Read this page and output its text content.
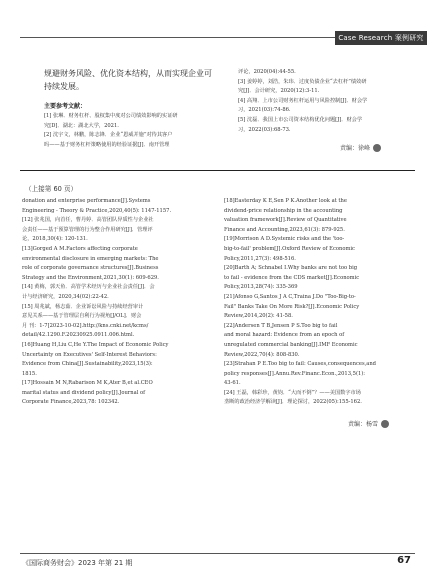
Case Research 案例研究

规避财务风险、优化资本结构，从而实现企业可

持续发展。

主要参考文献：

[1] 张琳．财务杠杆、股权集中度对公司绩效影响的实证研

究[D]．湖北：湖北大学，2021.

[2] 沈宇文，林鹏，陈志锋．企业“恩威并施”对待其客户

吗——基于财务杠杆策略使用的经验证据[J]．南开管理

评论，2020(04):44-55.

[3] 姜婷婷，刘浩，朱玮．过度负债企业“去杠杆”绩效研

究[J]．会计研究，2020(12):3-11.

[4] 高翔．上市公司财务杠杆运用与风险控制[J]．财会学

习，2021(03):74-86.

[5] 沈磊．我国上市公司资本结构优化问题[J]．财会学

习，2022(03):68-73.

责编：徐峰
（上接第 60 页）

donation and enterprise performance[J].Systems

Engineering - Theory & Practice,2020,40(5): 1147-1157.

[12] 张兆国，向首任，曹丹婷．高管团队异质性与企业社

会责任——基于预算管理的行为整合作用研究[J]．管理评

论，2018,30(4): 120-131.

[13]Gorged A M.Factors affecting corporate

environmental disclosure in emerging markets: The

role of corporate governance structures[J].Business

Strategy and the Environment,2021,30(1): 609-629.

[14] 黄梅，郭天鱼．高管学术经历与企业社会责任[J]．会

计与经济研究，2020,34(02):22-42.

[15] 周兆斌，杨志茹．企业诉讼风险与持续经营审计

意见关系——基于管理层自利行为视角[J/OL]．财会

月 刊：1-7[2023-10-02].http://kns.cnki.net/kcms/

detail/42.1290.F.20230925.0911.006.html.

[16]Huang H,Liu C,He Y.The Impact of Economic Policy

Uncertainty on Executives' Self-Interest Behaviors:

Evidence from China[J].Sustainability,2023,15(3):

1815.

[17]Hossain M N,Rabarison M K,Ater B,et al.CEO

marital status and dividend policy[J].Journal of

Corporate Finance,2023,78: 102342.

[18]Easterday K E,Sen P K.Another look at the

dividend-price relationship in the accounting

valuation framework[J].Review of Quantitative

Finance and Accounting,2023,61(3): 879-925.

[19]Morrison A D.Systemic risks and the 'too-

big-to-fail' problem[J].Oxford Review of Economic

Policy,2011,27(3): 498-516.

[20]Barth A; Schnabel I.Why banks are not too big

to fail - evidence from the CDS market[J].Economic

Policy,2013,28(74): 335-369

[21]Afonso G,Santos J A C,Traina J.Do "Too-Big-to-

Fail" Banks Take On More Risk?[J].Economic Policy

Review,2014,20(2): 41-58.

[22]Andersen T B,Jensen P S.Too big to fail

and moral hazard: Evidence from an epoch of

unregulated commercial banking[J].IMF Economic

Review,2022,70(4): 808-830.

[23]Strahan P E.Too big to fail: Causes,consequences,and

policy responses[J].Annu.Rev.Financ.Econ.,2013,5(1):

43-61.

[24] 王磊，韩彩珍，黄钧．“大而不倒”？——美国数字市场

垄断的政治经济学解读[J]．理论探讨，2022(05):155-162.

责编：杨雪
《国际商务财会》2023 年第 21 期	67
